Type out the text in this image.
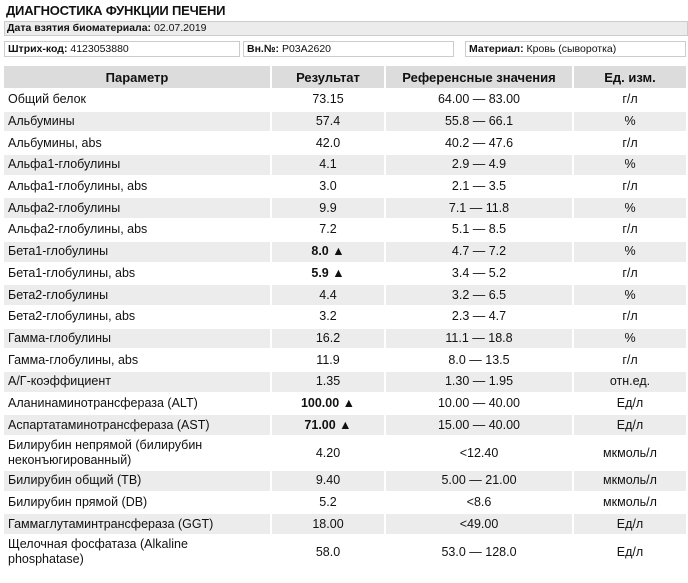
ДИАГНОСТИКА ФУНКЦИИ ПЕЧЕНИ
Дата взятия биоматериала: 02.07.2019
Штрих-код: 4123053880	Вн.№: P03A2620	Материал: Кровь (сыворотка)
Параметр	Результат	Референсные значения	Ед. изм.
Общий белок	73.15	64.00 — 83.00	г/л
Альбумины	57.4	55.8 — 66.1	%
Альбумины, abs	42.0	40.2 — 47.6	г/л
Альфа1-глобулины	4.1	2.9 — 4.9	%
Альфа1-глобулины, abs	3.0	2.1 — 3.5	г/л
Альфа2-глобулины	9.9	7.1 — 11.8	%
Альфа2-глобулины, abs	7.2	5.1 — 8.5	г/л
Бета1-глобулины	8.0 ▲	4.7 — 7.2	%
Бета1-глобулины, abs	5.9 ▲	3.4 — 5.2	г/л
Бета2-глобулины	4.4	3.2 — 6.5	%
Бета2-глобулины, abs	3.2	2.3 — 4.7	г/л
Гамма-глобулины	16.2	11.1 — 18.8	%
Гамма-глобулины, abs	11.9	8.0 — 13.5	г/л
А/Г-коэффициент	1.35	1.30 — 1.95	отн.ед.
Аланинаминотрансфераза (ALT)	100.00 ▲	10.00 — 40.00	Ед/л
Аспартатаминотрансфераза (AST)	71.00 ▲	15.00 — 40.00	Ед/л
Билирубин непрямой (билирубин неконъюгированный)	4.20	<12.40	мкмоль/л
Билирубин общий (ТВ)	9.40	5.00 — 21.00	мкмоль/л
Билирубин прямой (DB)	5.2	<8.6	мкмоль/л
Гаммаглутаминтрансфераза (GGT)	18.00	<49.00	Ед/л
Щелочная фосфатаза (Alkaline phosphatase)	58.0	53.0 — 128.0	Ед/л
